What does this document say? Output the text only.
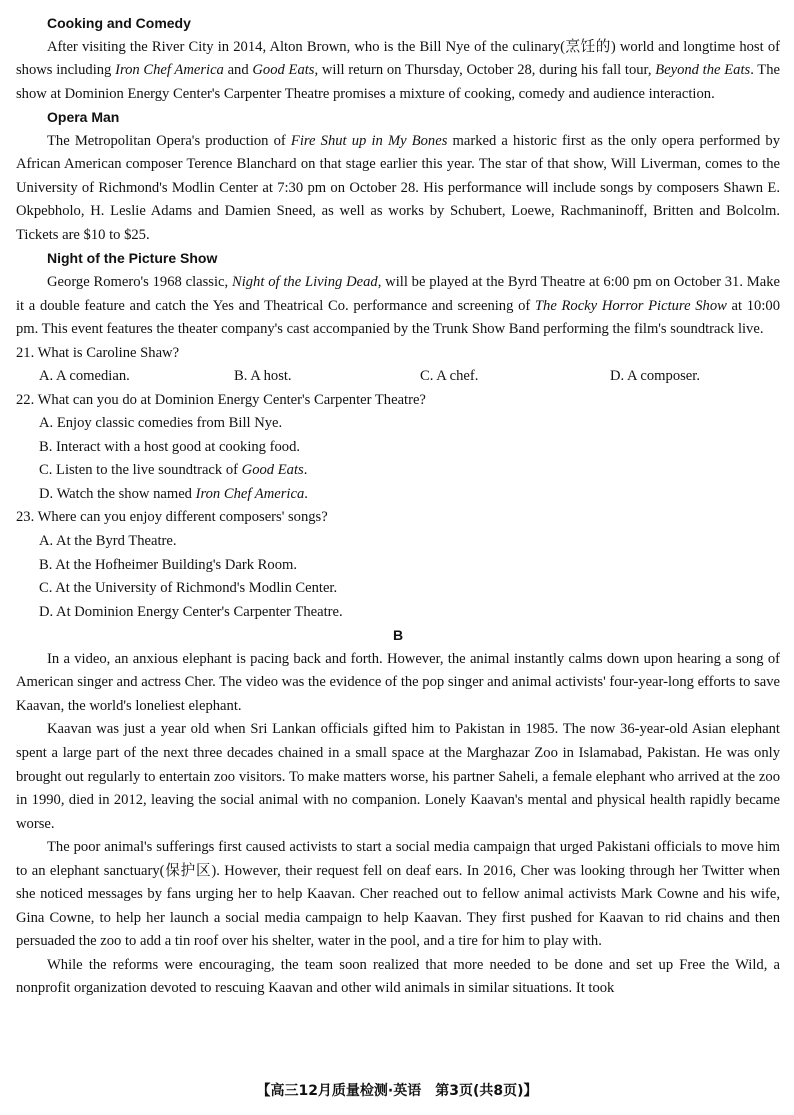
Cooking and Comedy

After visiting the River City in 2014, Alton Brown, who is the Bill Nye of the culinary(烹饪的) world and longtime host of shows including Iron Chef America and Good Eats, will return on Thursday, October 28, during his fall tour, Beyond the Eats. The show at Dominion Energy Center's Carpenter Theatre promises a mixture of cooking, comedy and audience interaction.

Opera Man

The Metropolitan Opera's production of Fire Shut up in My Bones marked a historic first as the only opera performed by African American composer Terence Blanchard on that stage earlier this year. The star of that show, Will Liverman, comes to the University of Richmond's Modlin Center at 7:30 pm on October 28. His performance will include songs by composers Shawn E. Okpebholo, H. Leslie Adams and Damien Sneed, as well as works by Schubert, Loewe, Rachmaninoff, Britten and Bolcolm. Tickets are $10 to $25.

Night of the Picture Show

George Romero's 1968 classic, Night of the Living Dead, will be played at the Byrd Theatre at 6:00 pm on October 31. Make it a double feature and catch the Yes and Theatrical Co. performance and screening of The Rocky Horror Picture Show at 10:00 pm. This event features the theater company's cast accompanied by the Trunk Show Band performing the film's soundtrack live.

21. What is Caroline Shaw?

A. A comedian.	B. A host.	C. A chef.	D. A composer.

22. What can you do at Dominion Energy Center's Carpenter Theatre?

A. Enjoy classic comedies from Bill Nye.
B. Interact with a host good at cooking food.
C. Listen to the live soundtrack of Good Eats.
D. Watch the show named Iron Chef America.

23. Where can you enjoy different composers' songs?

A. At the Byrd Theatre.
B. At the Hofheimer Building's Dark Room.
C. At the University of Richmond's Modlin Center.
D. At Dominion Energy Center's Carpenter Theatre.
B

In a video, an anxious elephant is pacing back and forth. However, the animal instantly calms down upon hearing a song of American singer and actress Cher. The video was the evidence of the pop singer and animal activists' four-year-long efforts to save Kaavan, the world's loneliest elephant.

Kaavan was just a year old when Sri Lankan officials gifted him to Pakistan in 1985. The now 36-year-old Asian elephant spent a large part of the next three decades chained in a small space at the Marghazar Zoo in Islamabad, Pakistan. He was only brought out regularly to entertain zoo visitors. To make matters worse, his partner Saheli, a female elephant who arrived at the zoo in 1990, died in 2012, leaving the social animal with no companion. Lonely Kaavan's mental and physical health rapidly became worse.

The poor animal's sufferings first caused activists to start a social media campaign that urged Pakistani officials to move him to an elephant sanctuary(保护区). However, their request fell on deaf ears. In 2016, Cher was looking through her Twitter when she noticed messages by fans urging her to help Kaavan. Cher reached out to fellow animal activists Mark Cowne and his wife, Gina Cowne, to help her launch a social media campaign to help Kaavan. They first pushed for Kaavan to rid chains and then persuaded the zoo to add a tin roof over his shelter, water in the pool, and a tire for him to play with.

While the reforms were encouraging, the team soon realized that more needed to be done and set up Free the Wild, a nonprofit organization devoted to rescuing Kaavan and other wild animals in similar situations. It took

【高三12月质量检测·英语　第3页(共8页)】
